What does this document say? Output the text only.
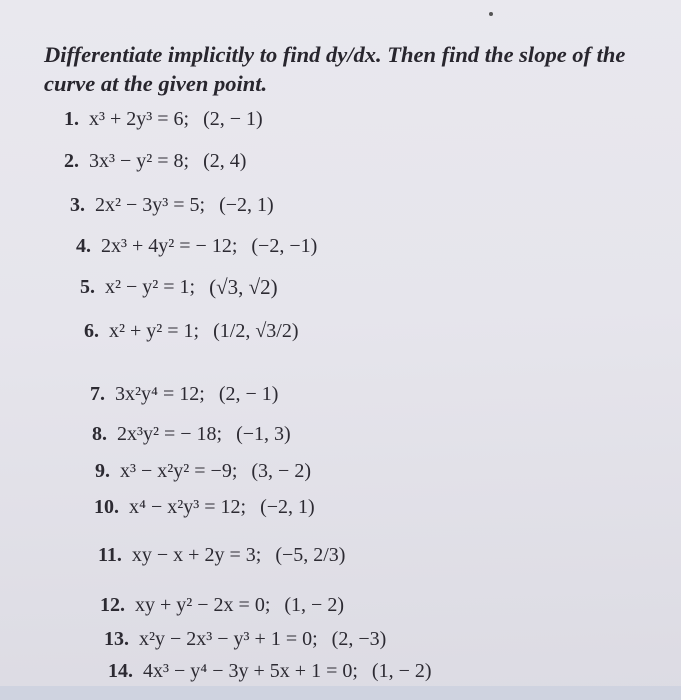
Differentiate implicitly to find dy/dx. Then find the slope of the curve at the given point.
1. x³ + 2y³ = 6; (2, − 1)
2. 3x³ − y² = 8; (2, 4)
3. 2x² − 3y³ = 5; (−2, 1)
4. 2x³ + 4y² = − 12; (−2, −1)
5. x² − y² = 1; (√3, √2)
6. x² + y² = 1; (1/2, √3/2)
7. 3x²y⁴ = 12; (2, − 1)
8. 2x³y² = − 18; (−1, 3)
9. x³ − x²y² = −9; (3, − 2)
10. x⁴ − x²y³ = 12; (−2, 1)
11. xy − x + 2y = 3; (−5, 2/3)
12. xy + y² − 2x = 0; (1, − 2)
13. x²y − 2x³ − y³ + 1 = 0; (2, −3)
14. 4x³ − y⁴ − 3y + 5x + 1 = 0; (1, − 2)
